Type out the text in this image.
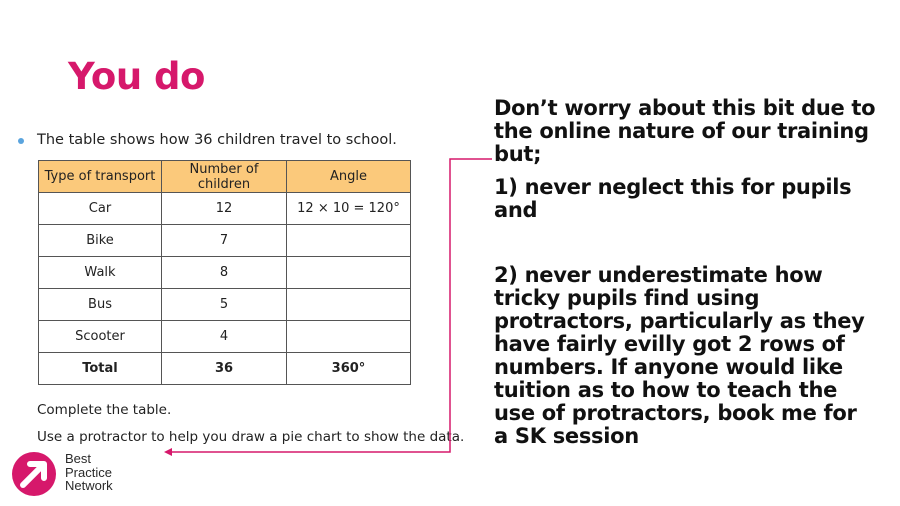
You do
The table shows how 36 children travel to school.
Type of transport	Number of children	Angle
Car	12	12 × 10 = 120°
Bike	7	
Walk	8	
Bus	5	
Scooter	4	
Total	36	360°
Complete the table.
Use a protractor to help you draw a pie chart to show the data.

Don’t worry about this bit due to the online nature of our training but;

1) never neglect this for pupils and

2) never underestimate how tricky pupils find using protractors, particularly as they have fairly evilly got 2 rows of numbers. If anyone would like tuition as to how to teach the use of protractors, book me for a SK session

Best
Practice
Network
